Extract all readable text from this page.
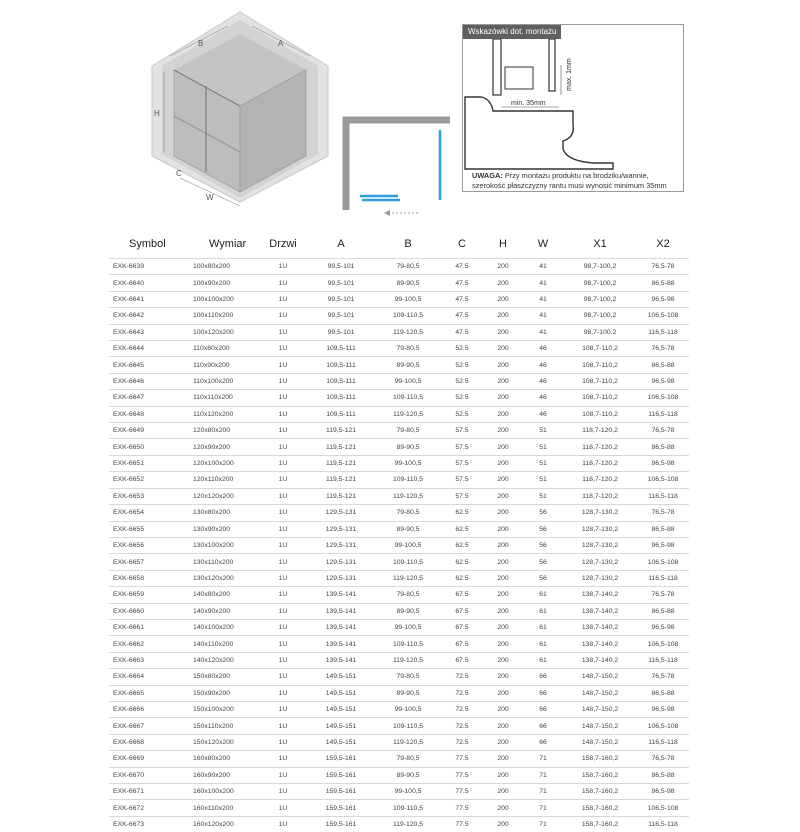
B	A
H
C
W
min. 35mm
max. 1mm
Wskazówki dot. montażu
UWAGA: Przy montażu produktu na brodziku/wannie, szerokość płaszczyzny rantu musi wynosić minimum 35mm
Symbol	Wymiar	Drzwi	A	B	C	H	W	X1	X2
EXK-6639	100x80x200	1U	99,5-101	79-80,5	47.5	200	41	98,7-100,2	76,5-78
EXK-6640	100x90x200	1U	99,5-101	89-90,5	47.5	200	41	98,7-100,2	86,5-88
EXK-6641	100x100x200	1U	99,5-101	99-100,5	47.5	200	41	98,7-100,2	96,5-98
EXK-6642	100x110x200	1U	99,5-101	109-110,5	47.5	200	41	98,7-100,2	106,5-108
EXK-6643	100x120x200	1U	99,5-101	119-120,5	47.5	200	41	98,7-100,2	116,5-118
EXK-6644	110x80x200	1U	109,5-111	79-80,5	52.5	200	46	108,7-110,2	76,5-78
EXK-6645	110x90x200	1U	109,5-111	89-90,5	52.5	200	46	108,7-110,2	86,5-88
EXK-6646	110x100x200	1U	109,5-111	99-100,5	52.5	200	46	108,7-110,2	96,5-98
EXK-6647	110x110x200	1U	109,5-111	109-110,5	52.5	200	46	108,7-110,2	106,5-108
EXK-6648	110x120x200	1U	109,5-111	119-120,5	52.5	200	46	108,7-110,2	116,5-118
EXK-6649	120x80x200	1U	119,5-121	79-80,5	57.5	200	51	118,7-120,2	76,5-78
EXK-6650	120x90x200	1U	119,5-121	89-90,5	57.5	200	51	118,7-120,2	86,5-88
EXK-6651	120x100x200	1U	119,5-121	99-100,5	57.5	200	51	118,7-120,2	96,5-98
EXK-6652	120x110x200	1U	119,5-121	109-110,5	57.5	200	51	118,7-120,2	106,5-108
EXK-6653	120x120x200	1U	119,5-121	119-120,5	57.5	200	51	118,7-120,2	116,5-118
EXK-6654	130x80x200	1U	129,5-131	79-80,5	62.5	200	56	128,7-130,2	76,5-78
EXK-6655	130x90x200	1U	129,5-131	89-90,5	62.5	200	56	128,7-130,2	86,5-88
EXK-6656	130x100x200	1U	129,5-131	99-100,5	62.5	200	56	128,7-130,2	96,5-98
EXK-6657	130x110x200	1U	129,5-131	109-110,5	62.5	200	56	128,7-130,2	106,5-108
EXK-6658	130x120x200	1U	129,5-131	119-120,5	62.5	200	56	128,7-130,2	116,5-118
EXK-6659	140x80x200	1U	139,5-141	79-80,5	67.5	200	61	138,7-140,2	76,5-78
EXK-6660	140x90x200	1U	139,5-141	89-90,5	67.5	200	61	138,7-140,2	86,5-88
EXK-6661	140x100x200	1U	139,5-141	99-100,5	67.5	200	61	138,7-140,2	96,5-98
EXK-6662	140x110x200	1U	139,5-141	109-110,5	67.5	200	61	138,7-140,2	106,5-108
EXK-6663	140x120x200	1U	139,5-141	119-120,5	67.5	200	61	138,7-140,2	116,5-118
EXK-6664	150x80x200	1U	149,5-151	79-80,5	72.5	200	66	148,7-150,2	76,5-78
EXK-6665	150x90x200	1U	149,5-151	89-90,5	72.5	200	66	148,7-150,2	86,5-88
EXK-6666	150x100x200	1U	149,5-151	99-100,5	72.5	200	66	148,7-150,2	96,5-98
EXK-6667	150x110x200	1U	149,5-151	109-110,5	72.5	200	66	148,7-150,2	106,5-108
EXK-6668	150x120x200	1U	149,5-151	119-120,5	72.5	200	66	148,7-150,2	116,5-118
EXK-6669	160x80x200	1U	159,5-161	79-80,5	77.5	200	71	158,7-160,2	76,5-78
EXK-6670	160x90x200	1U	159,5-161	89-90,5	77.5	200	71	158,7-160,2	86,5-88
EXK-6671	160x100x200	1U	159,5-161	99-100,5	77.5	200	71	158,7-160,2	96,5-98
EXK-6672	160x110x200	1U	159,5-161	109-110,5	77.5	200	71	158,7-160,2	106,5-108
EXK-6673	160x120x200	1U	159,5-161	119-120,5	77.5	200	71	158,7-160,2	116,5-118
